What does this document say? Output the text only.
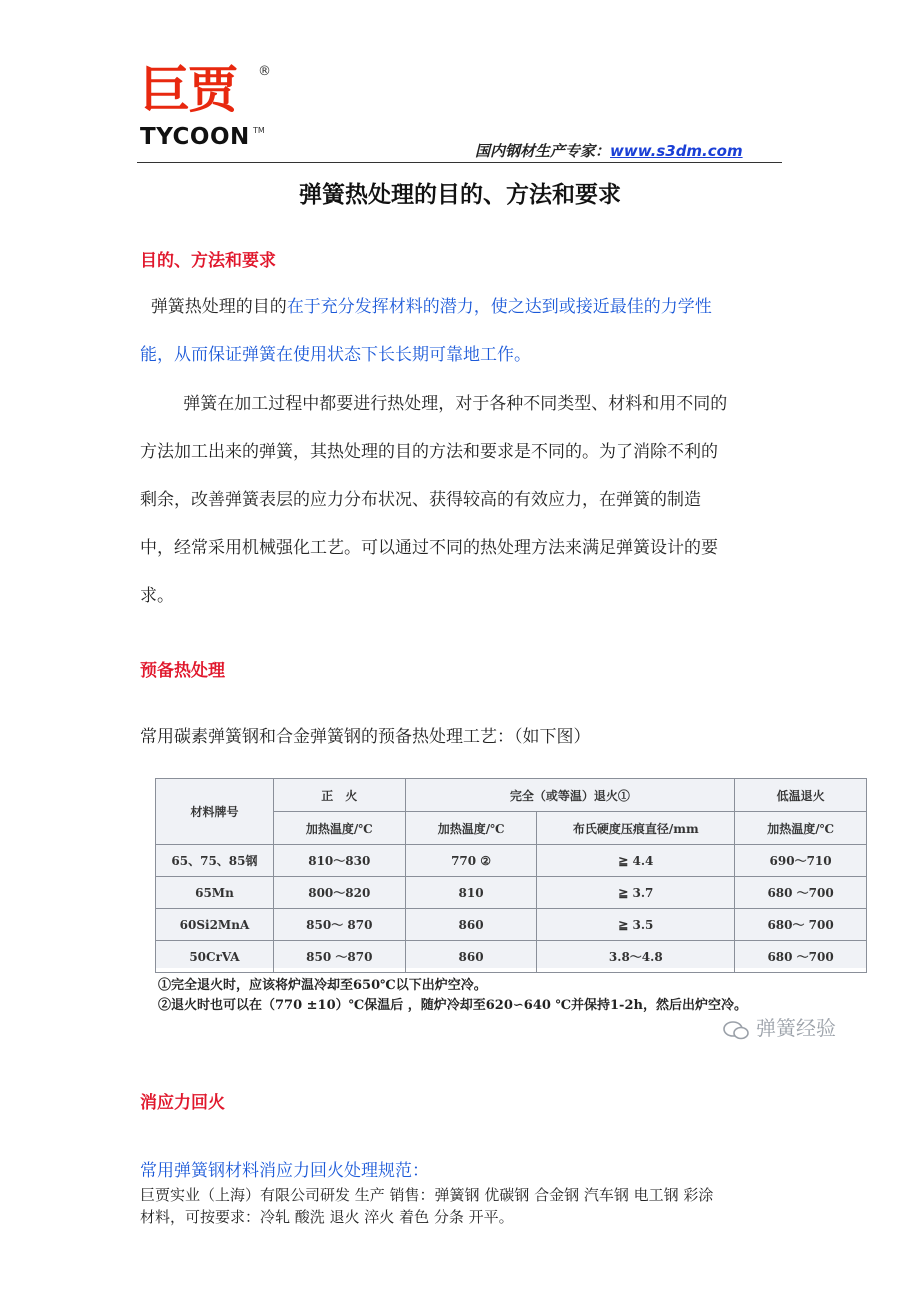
巨贾 ®
TYCOON TM
国内钢材生产专家：www.s3dm.com
弹簧热处理的目的、方法和要求
目的、方法和要求
弹簧热处理的目的在于充分发挥材料的潜力，使之达到或接近最佳的力学性
能，从而保证弹簧在使用状态下长长期可靠地工作。
弹簧在加工过程中都要进行热处理，对于各种不同类型、材料和用不同的
方法加工出来的弹簧，其热处理的目的方法和要求是不同的。为了消除不利的
剩余，改善弹簧表层的应力分布状况、获得较高的有效应力，在弹簧的制造
中，经常采用机械强化工艺。可以通过不同的热处理方法来满足弹簧设计的要
求。
预备热处理
常用碳素弹簧钢和合金弹簧钢的预备热处理工艺：（如下图）
材料牌号	正　火	完全（或等温）退火①		低温退火
	加热温度/℃	加热温度/℃	布氏硬度压痕直径/mm	加热温度/℃
65、75、85钢	810～830	770 ②	≧ 4.4	690～710
65Mn	800～820	810	≧ 3.7	680 ～700
60Si2MnA	850～ 870	860	≧ 3.5	680～ 700
50CrVA	850 ～870	860	3.8～4.8	680 ～700
①完全退火时，应该将炉温冷却至650℃以下出炉空冷。
②退火时也可以在（770 ±10）℃保温后 ，随炉冷却至620∽640 ℃并保持1-2h，然后出炉空冷。
弹簧经验
消应力回火
常用弹簧钢材料消应力回火处理规范：
巨贾实业（上海）有限公司研发 生产 销售：弹簧钢 优碳钢 合金钢 汽车钢 电工钢 彩涂
材料，可按要求：冷轧 酸洗 退火 淬火 着色 分条 开平。
